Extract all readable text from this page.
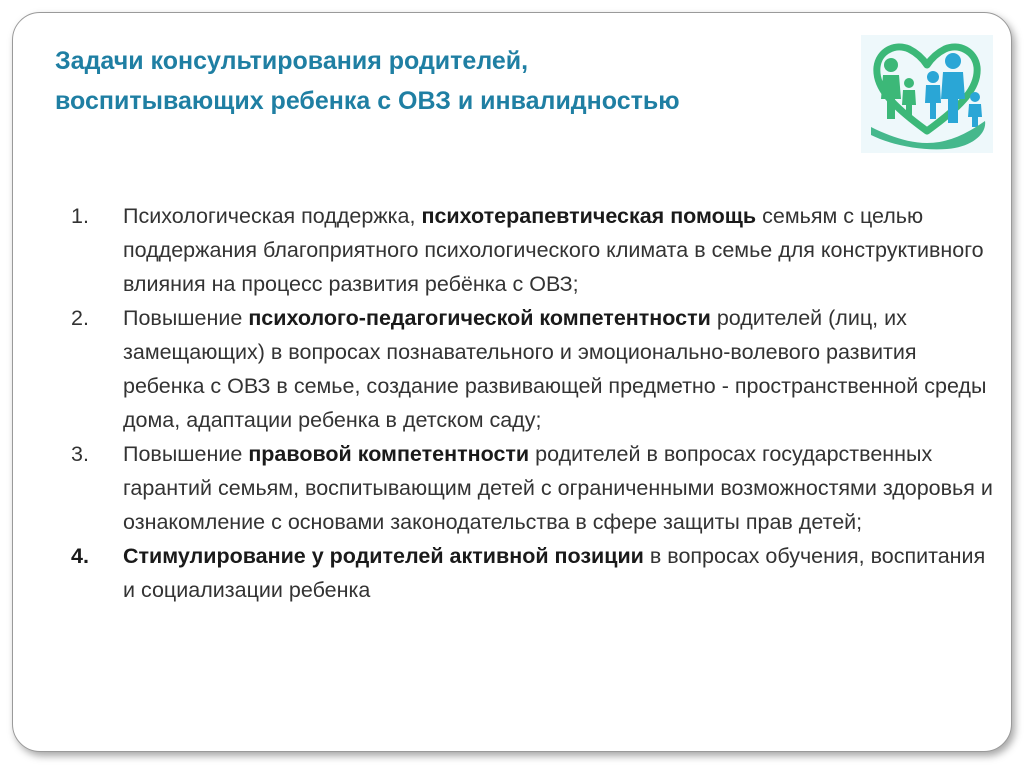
Задачи консультирования родителей,
воспитывающих ребенка с ОВЗ и инвалидностью
1.	Психологическая поддержка, психотерапевтическая помощь семьям с целью поддержания благоприятного психологического климата в семье для конструктивного влияния на процесс развития ребёнка с ОВЗ;
2.	Повышение психолого-педагогической компетентности родителей (лиц, их замещающих) в вопросах познавательного и эмоционально-волевого развития ребенка с ОВЗ в семье, создание развивающей предметно - пространственной среды дома, адаптации ребенка в детском саду;
3.	Повышение правовой компетентности родителей в вопросах государственных гарантий семьям, воспитывающим детей с ограниченными возможностями здоровья и ознакомление с основами законодательства в сфере защиты прав детей;
4.	Стимулирование у родителей активной позиции в вопросах обучения, воспитания и социализации ребенка
